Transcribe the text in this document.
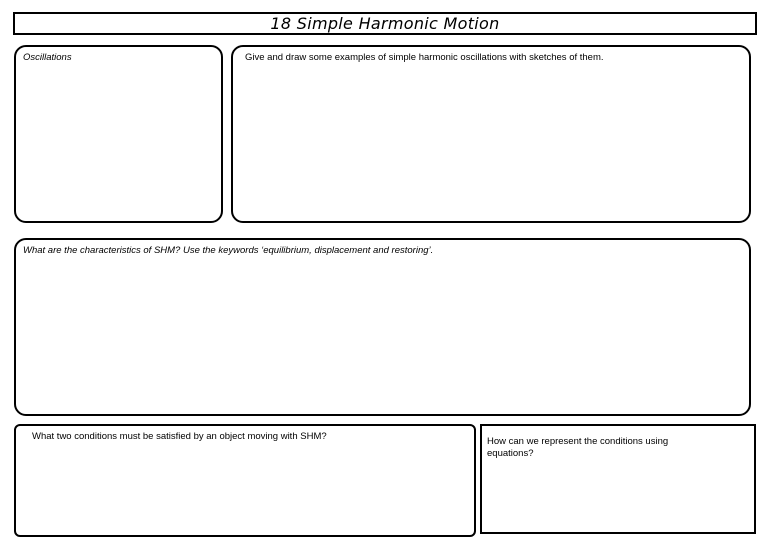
18 Simple Harmonic Motion
Oscillations	Give and draw some examples of simple harmonic oscillations with sketches of them.
What are the characteristics of SHM? Use the keywords ‘equilibrium, displacement and restoring’.
What two conditions must be satisfied by an object moving with SHM?	How can we represent the conditions using equations?
